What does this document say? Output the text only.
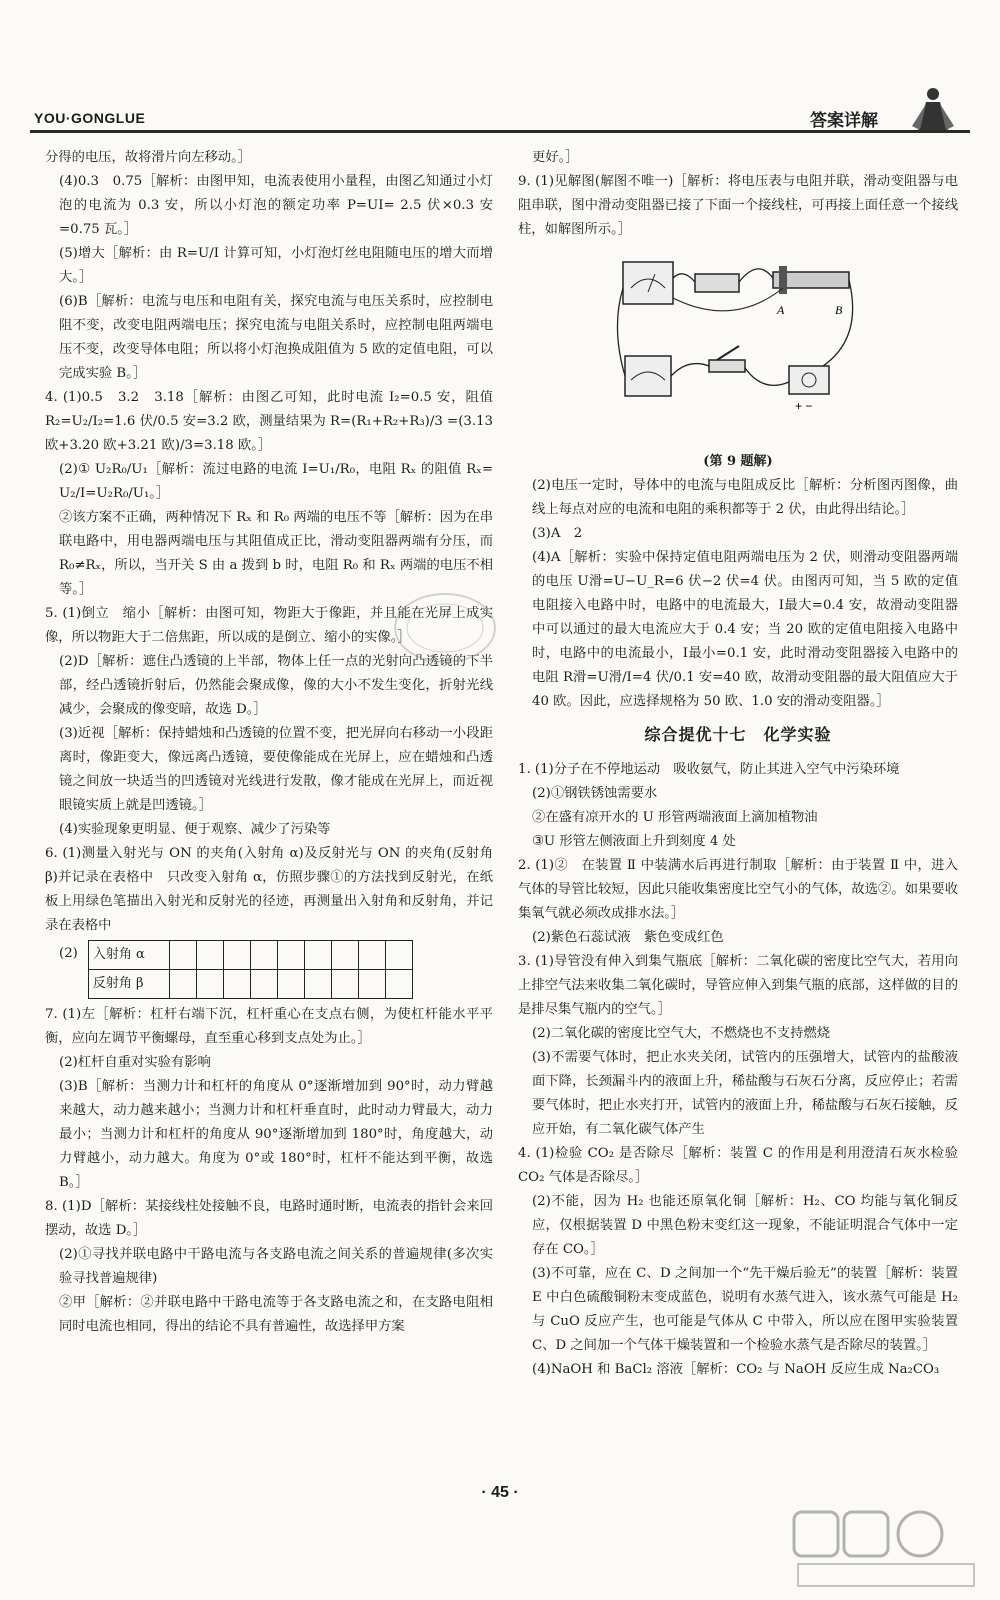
YOU·GONGLUE	答案详解

分得的电压，故将滑片向左移动。］

(4)0.3　0.75［解析：由图甲知，电流表使用小量程，由图乙知通过小灯泡的电流为 0.3 安，所以小灯泡的额定功率 P=UI= 2.5 伏×0.3 安=0.75 瓦。］

(5)增大［解析：由 R=U/I 计算可知，小灯泡灯丝电阻随电压的增大而增大。］

(6)B［解析：电流与电压和电阻有关，探究电流与电压关系时，应控制电阻不变，改变电阻两端电压；探究电流与电阻关系时，应控制电阻两端电压不变，改变导体电阻；所以将小灯泡换成阻值为 5 欧的定值电阻，可以完成实验 B。］

4. (1)0.5　3.2　3.18［解析：由图乙可知，此时电流 I₂=0.5 安，阻值 R₂=U₂/I₂=1.6 伏/0.5 安=3.2 欧，测量结果为 R=(R₁+R₂+R₃)/3 =(3.13 欧+3.20 欧+3.21 欧)/3=3.18 欧。］

(2)① U₂R₀/U₁［解析：流过电路的电流 I=U₁/R₀，电阻 Rₓ 的阻值 Rₓ= U₂/I=U₂R₀/U₁。］

②该方案不正确，两种情况下 Rₓ 和 R₀ 两端的电压不等［解析：因为在串联电路中，用电器两端电压与其阻值成正比，滑动变阻器两端有分压，而 R₀≠Rₓ，所以，当开关 S 由 a 拨到 b 时，电阻 R₀ 和 Rₓ 两端的电压不相等。］

5. (1)倒立　缩小［解析：由图可知，物距大于像距，并且能在光屏上成实像，所以物距大于二倍焦距，所以成的是倒立、缩小的实像。］

(2)D［解析：遮住凸透镜的上半部，物体上任一点的光射向凸透镜的下半部，经凸透镜折射后，仍然能会聚成像，像的大小不发生变化，折射光线减少，会聚成的像变暗，故选 D。］

(3)近视［解析：保持蜡烛和凸透镜的位置不变，把光屏向右移动一小段距离时，像距变大，像远离凸透镜，要使像能成在光屏上，应在蜡烛和凸透镜之间放一块适当的凹透镜对光线进行发散，像才能成在光屏上，而近视眼镜实质上就是凹透镜。］

(4)实验现象更明显、便于观察、减少了污染等

6. (1)测量入射光与 ON 的夹角(入射角 α)及反射光与 ON 的夹角(反射角 β)并记录在表格中　只改变入射角 α，仿照步骤①的方法找到反射光，在纸板上用绿色笔描出入射光和反射光的径迹，再测量出入射角和反射角，并记录在表格中

(2) 入射角 α									
反射角 β									

7. (1)左［解析：杠杆右端下沉，杠杆重心在支点右侧，为使杠杆能水平平衡，应向左调节平衡螺母，直至重心移到支点处为止。］

(2)杠杆自重对实验有影响

(3)B［解析：当测力计和杠杆的角度从 0°逐渐增加到 90°时，动力臂越来越大，动力越来越小；当测力计和杠杆垂直时，此时动力臂最大，动力最小；当测力计和杠杆的角度从 90°逐渐增加到 180°时，角度越大，动力臂越小，动力越大。角度为 0°或 180°时，杠杆不能达到平衡，故选 B。］

8. (1)D［解析：某接线柱处接触不良，电路时通时断，电流表的指针会来回摆动，故选 D。］

(2)①寻找并联电路中干路电流与各支路电流之间关系的普遍规律(多次实验寻找普遍规律)

②甲［解析：②并联电路中干路电流等于各支路电流之和，在支路电阻相同时电流也相同，得出的结论不具有普遍性，故选择甲方案

更好。］

9. (1)见解图(解图不唯一)［解析：将电压表与电阻并联，滑动变阻器与电阻串联，图中滑动变阻器已接了下面一个接线柱，可再接上面任意一个接线柱，如解图所示。］

A	B
+ −
(第 9 题解)

(2)电压一定时，导体中的电流与电阻成反比［解析：分析图丙图像，曲线上每点对应的电流和电阻的乘积都等于 2 伏，由此得出结论。］

(3)A　2

(4)A［解析：实验中保持定值电阻两端电压为 2 伏，则滑动变阻器两端的电压 U滑=U−U_R=6 伏−2 伏=4 伏。由图丙可知，当 5 欧的定值电阻接入电路中时，电路中的电流最大，I最大=0.4 安，故滑动变阻器中可以通过的最大电流应大于 0.4 安；当 20 欧的定值电阻接入电路中时，电路中的电流最小，I最小=0.1 安，此时滑动变阻器接入电路中的电阻 R滑=U滑/I=4 伏/0.1 安=40 欧，故滑动变阻器的最大阻值应大于 40 欧。因此，应选择规格为 50 欧、1.0 安的滑动变阻器。］

综合提优十七　化学实验

1. (1)分子在不停地运动　吸收氨气，防止其进入空气中污染环境

(2)①钢铁锈蚀需要水

②在盛有凉开水的 U 形管两端液面上滴加植物油

③U 形管左侧液面上升到刻度 4 处

2. (1)②　在装置 Ⅱ 中装满水后再进行制取［解析：由于装置 Ⅱ 中，进入气体的导管比较短，因此只能收集密度比空气小的气体，故选②。如果要收集氧气就必须改成排水法。］

(2)紫色石蕊试液　紫色变成红色

3. (1)导管没有伸入到集气瓶底［解析：二氧化碳的密度比空气大，若用向上排空气法来收集二氧化碳时，导管应伸入到集气瓶的底部，这样做的目的是排尽集气瓶内的空气。］

(2)二氧化碳的密度比空气大，不燃烧也不支持燃烧

(3)不需要气体时，把止水夹关闭，试管内的压强增大，试管内的盐酸液面下降，长颈漏斗内的液面上升，稀盐酸与石灰石分离，反应停止；若需要气体时，把止水夹打开，试管内的液面上升，稀盐酸与石灰石接触，反应开始，有二氧化碳气体产生

4. (1)检验 CO₂ 是否除尽［解析：装置 C 的作用是利用澄清石灰水检验 CO₂ 气体是否除尽。］

(2)不能，因为 H₂ 也能还原氧化铜［解析：H₂、CO 均能与氧化铜反应，仅根据装置 D 中黑色粉末变红这一现象，不能证明混合气体中一定存在 CO。］

(3)不可靠，应在 C、D 之间加一个“先干燥后验无”的装置［解析：装置 E 中白色硫酸铜粉末变成蓝色，说明有水蒸气进入，该水蒸气可能是 H₂ 与 CuO 反应产生，也可能是气体从 C 中带入，所以应在图甲实验装置 C、D 之间加一个气体干燥装置和一个检验水蒸气是否除尽的装置。］

(4)NaOH 和 BaCl₂ 溶液［解析：CO₂ 与 NaOH 反应生成 Na₂CO₃

· 45 ·
